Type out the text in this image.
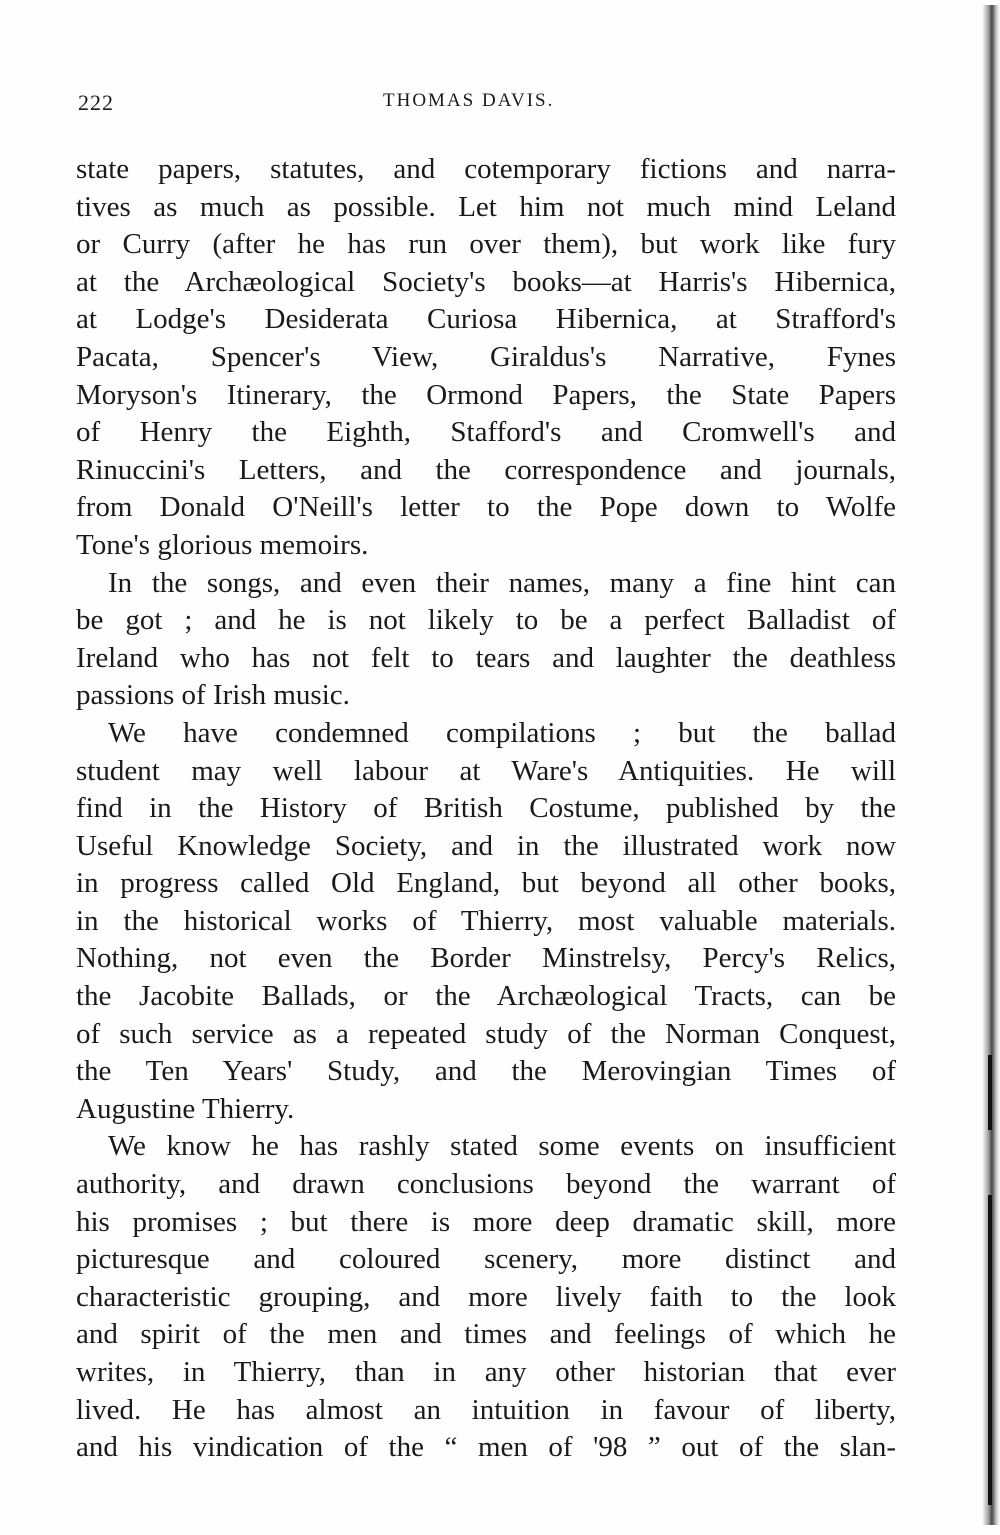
222	THOMAS DAVIS.
state papers, statutes, and cotemporary fictions and narra-
tives as much as possible. Let him not much mind Leland
or Curry (after he has run over them), but work like fury
at the Archæological Society's books—at Harris's Hibernica,
at Lodge's Desiderata Curiosa Hibernica, at Strafford's
Pacata, Spencer's View, Giraldus's Narrative, Fynes
Moryson's Itinerary, the Ormond Papers, the State Papers
of Henry the Eighth, Stafford's and Cromwell's and
Rinuccini's Letters, and the correspondence and journals,
from Donald O'Neill's letter to the Pope down to Wolfe
Tone's glorious memoirs.
In the songs, and even their names, many a fine hint can
be got ; and he is not likely to be a perfect Balladist of
Ireland who has not felt to tears and laughter the deathless
passions of Irish music.
We have condemned compilations ; but the ballad
student may well labour at Ware's Antiquities. He will
find in the History of British Costume, published by the
Useful Knowledge Society, and in the illustrated work now
in progress called Old England, but beyond all other books,
in the historical works of Thierry, most valuable materials.
Nothing, not even the Border Minstrelsy, Percy's Relics,
the Jacobite Ballads, or the Archæological Tracts, can be
of such service as a repeated study of the Norman Conquest,
the Ten Years' Study, and the Merovingian Times of
Augustine Thierry.
We know he has rashly stated some events on insufficient
authority, and drawn conclusions beyond the warrant of
his promises ; but there is more deep dramatic skill, more
picturesque and coloured scenery, more distinct and
characteristic grouping, and more lively faith to the look
and spirit of the men and times and feelings of which he
writes, in Thierry, than in any other historian that ever
lived. He has almost an intuition in favour of liberty,
and his vindication of the “ men of '98 ” out of the slan-
